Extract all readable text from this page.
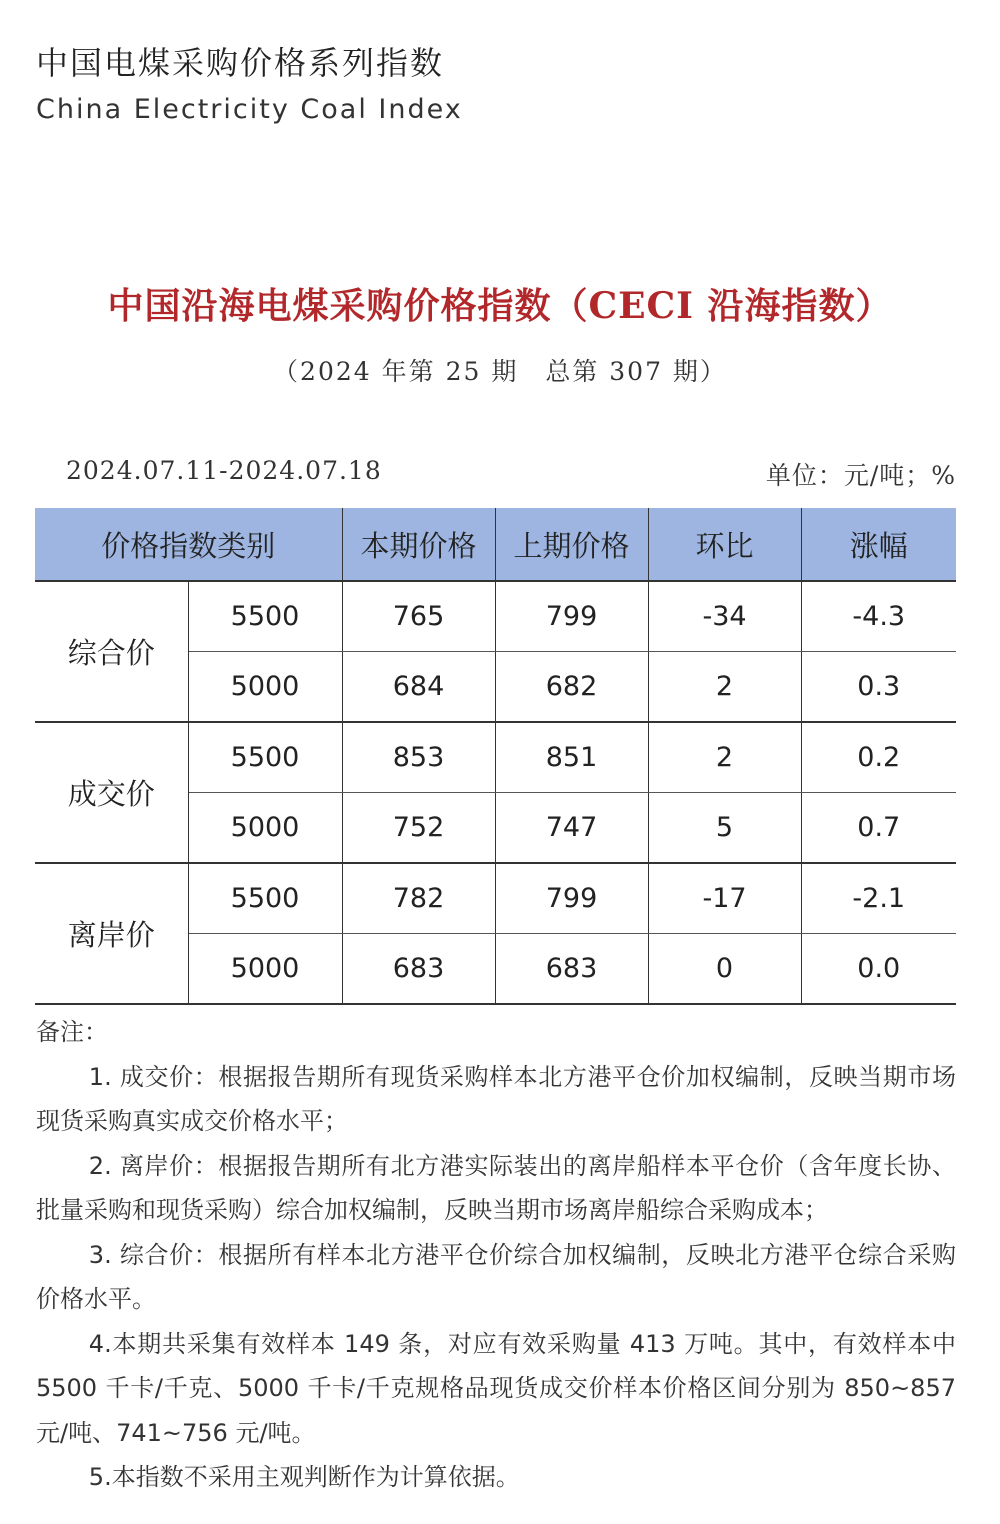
中国电煤采购价格系列指数
China Electricity Coal Index
中国沿海电煤采购价格指数（CECI 沿海指数）
（2024 年第 25 期　总第 307 期）
2024.07.11-2024.07.18	单位：元/吨；%
价格指数类别		本期价格	上期价格	环比	涨幅
综合价	5500	765	799	-34	-4.3
	5000	684	682	2	0.3
成交价	5500	853	851	2	0.2
	5000	752	747	5	0.7
离岸价	5500	782	799	-17	-2.1
	5000	683	683	0	0.0

备注：

1. 成交价：根据报告期所有现货采购样本北方港平仓价加权编制，反映当期市场现货采购真实成交价格水平；

2. 离岸价：根据报告期所有北方港实际装出的离岸船样本平仓价（含年度长协、批量采购和现货采购）综合加权编制，反映当期市场离岸船综合采购成本；

3. 综合价：根据所有样本北方港平仓价综合加权编制，反映北方港平仓综合采购价格水平。

4.本期共采集有效样本 149 条，对应有效采购量 413 万吨。其中，有效样本中 5500 千卡/千克、5000 千卡/千克规格品现货成交价样本价格区间分别为 850~857 元/吨、741~756 元/吨。

5.本指数不采用主观判断作为计算依据。
